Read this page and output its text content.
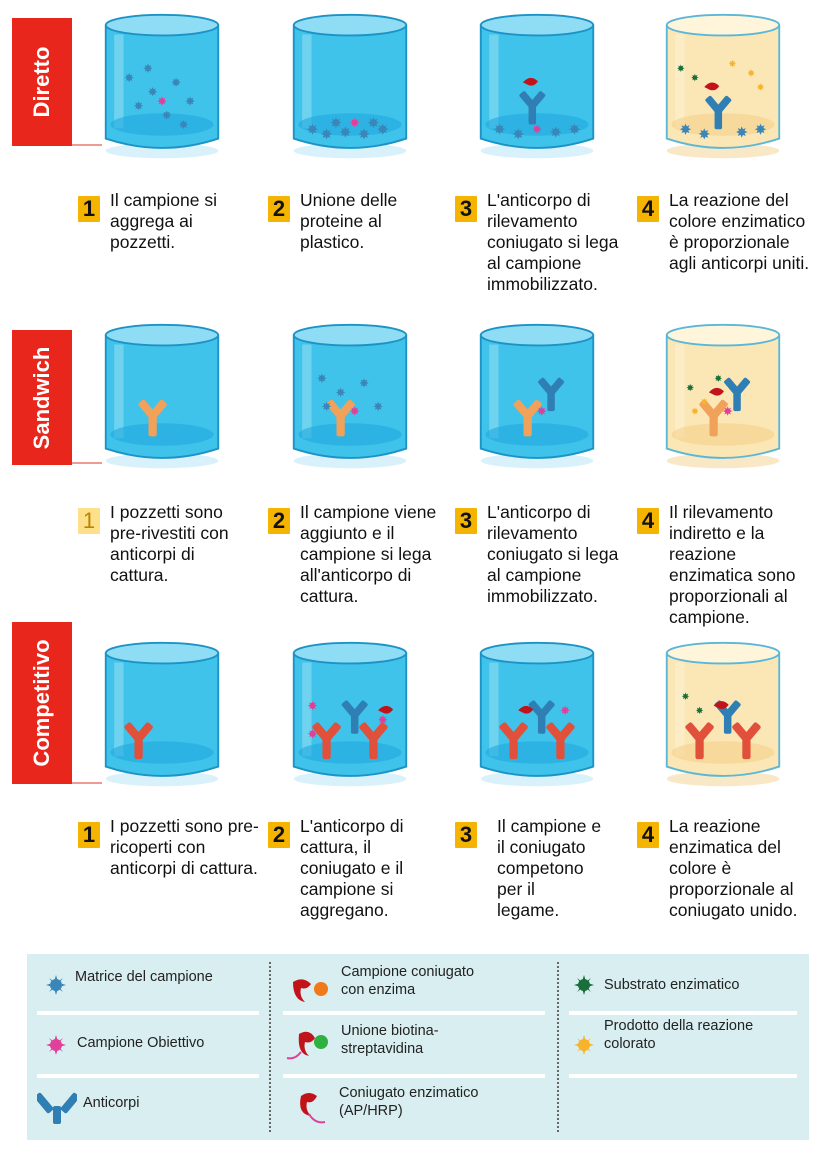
Diretto
Sandwich
Competitivo
1 Il campione si aggrega ai pozzetti.
2 Unione delle proteine al plastico.
3 L'anticorpo di rilevamento coniugato si lega al campione immobilizzato.
4 La reazione del colore enzimatico è proporzionale agli anticorpi uniti.
1 I pozzetti sono pre-rivestiti con anticorpi di cattura.
2 Il campione viene aggiunto e il campione si lega all'anticorpo di cattura.
3 L'anticorpo di rilevamento coniugato si lega al campione immobilizzato.
4 Il rilevamento indiretto e la reazione enzimatica sono proporzionali al campione.
1 I pozzetti sono pre-ricoperti con anticorpi di cattura.
2 L'anticorpo di cattura, il coniugato e il campione si aggregano.
3 Il campione e il coniugato competono per il legame.
4 La reazione enzimatica del colore è proporzionale al coniugato unido.
Matrice del campione
Campione Obiettivo
Anticorpi
Campione coniugato con enzima
Unione biotina-streptavidina
Coniugato enzimatico (AP/HRP)
Substrato enzimatico
Prodotto della reazione colorato
